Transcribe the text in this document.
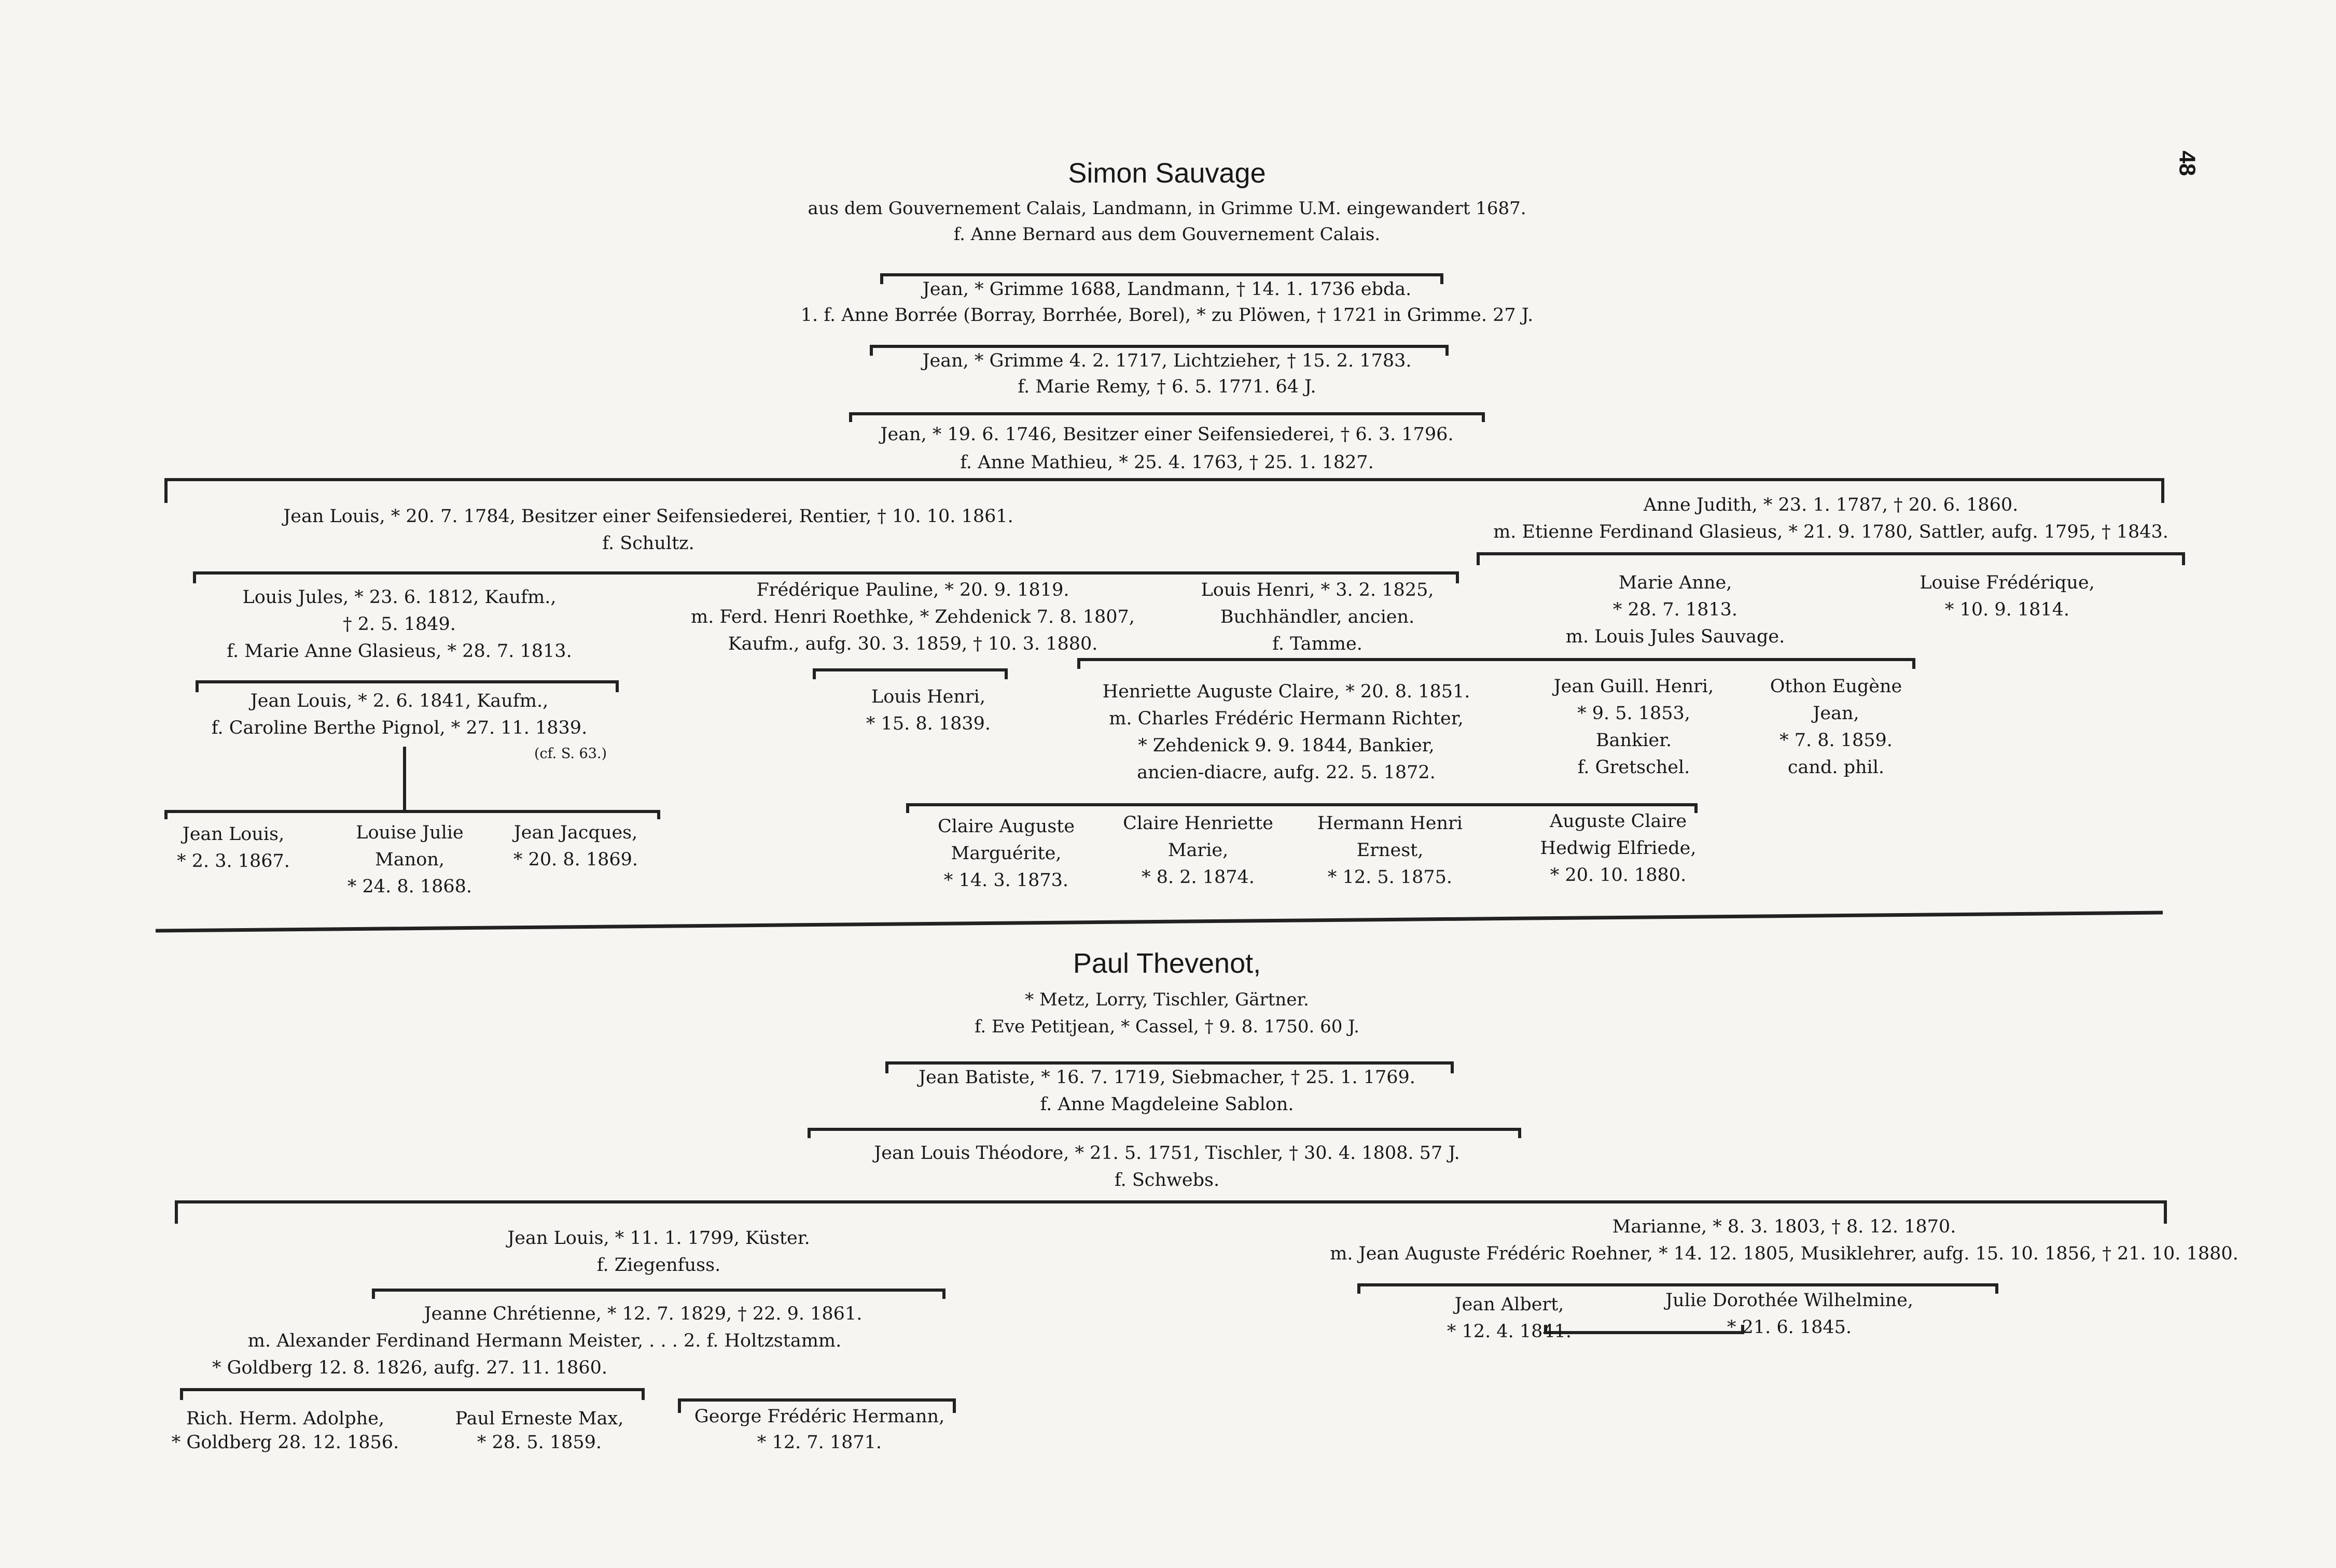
48
Simon Sauvage
aus dem Gouvernement Calais, Landmann, in Grimme U.M. eingewandert 1687.
f. Anne Bernard aus dem Gouvernement Calais.
Jean, * Grimme 1688, Landmann, † 14. 1. 1736 ebda.
1. f. Anne Borrée (Borray, Borrhée, Borel), * zu Plöwen, † 1721 in Grimme. 27 J.
Jean, * Grimme 4. 2. 1717, Lichtzieher, † 15. 2. 1783.
f. Marie Remy, † 6. 5. 1771. 64 J.
Jean, * 19. 6. 1746, Besitzer einer Seifensiederei, † 6. 3. 1796.
f. Anne Mathieu, * 25. 4. 1763, † 25. 1. 1827.
Jean Louis, * 20. 7. 1784, Besitzer einer Seifensiederei, Rentier, † 10. 10. 1861.
f. Schultz.
Anne Judith, * 23. 1. 1787, † 20. 6. 1860.
m. Etienne Ferdinand Glasieus, * 21. 9. 1780, Sattler, aufg. 1795, † 1843.
Louis Jules, * 23. 6. 1812, Kaufm.,
† 2. 5. 1849.
f. Marie Anne Glasieus, * 28. 7. 1813.
Frédérique Pauline, * 20. 9. 1819.
m. Ferd. Henri Roethke, * Zehdenick 7. 8. 1807,
Kaufm., aufg. 30. 3. 1859, † 10. 3. 1880.
Louis Henri, * 3. 2. 1825,
Buchhändler, ancien.
f. Tamme.
Marie Anne,
* 28. 7. 1813.
m. Louis Jules Sauvage.
Louise Frédérique,
* 10. 9. 1814.
Jean Louis, * 2. 6. 1841, Kaufm.,
f. Caroline Berthe Pignol, * 27. 11. 1839.
(cf. S. 63.)
Louis Henri,
* 15. 8. 1839.
Henriette Auguste Claire, * 20. 8. 1851.
m. Charles Frédéric Hermann Richter,
* Zehdenick 9. 9. 1844, Bankier,
ancien-diacre, aufg. 22. 5. 1872.
Jean Guill. Henri,
* 9. 5. 1853,
Bankier.
f. Gretschel.
Othon Eugène
Jean,
* 7. 8. 1859.
cand. phil.
Jean Louis,
* 2. 3. 1867.
Louise Julie
Manon,
* 24. 8. 1868.
Jean Jacques,
* 20. 8. 1869.
Claire Auguste
Marguérite,
* 14. 3. 1873.
Claire Henriette
Marie,
* 8. 2. 1874.
Hermann Henri
Ernest,
* 12. 5. 1875.
Auguste Claire
Hedwig Elfriede,
* 20. 10. 1880.
Paul Thevenot,
* Metz, Lorry, Tischler, Gärtner.
f. Eve Petitjean, * Cassel, † 9. 8. 1750. 60 J.
Jean Batiste, * 16. 7. 1719, Siebmacher, † 25. 1. 1769.
f. Anne Magdeleine Sablon.
Jean Louis Théodore, * 21. 5. 1751, Tischler, † 30. 4. 1808. 57 J.
f. Schwebs.
Jean Louis, * 11. 1. 1799, Küster.
f. Ziegenfuss.
Marianne, * 8. 3. 1803, † 8. 12. 1870.
m. Jean Auguste Frédéric Roehner, * 14. 12. 1805, Musiklehrer, aufg. 15. 10. 1856, † 21. 10. 1880.
Jeanne Chrétienne, * 12. 7. 1829, † 22. 9. 1861.
m. Alexander Ferdinand Hermann Meister, . . . 2. f. Holtzstamm.
* Goldberg 12. 8. 1826, aufg. 27. 11. 1860.
Jean Albert,
* 12. 4. 1841.
Julie Dorothée Wilhelmine,
* 21. 6. 1845.
Rich. Herm. Adolphe,
* Goldberg 28. 12. 1856.
Paul Erneste Max,
* 28. 5. 1859.
George Frédéric Hermann,
* 12. 7. 1871.
